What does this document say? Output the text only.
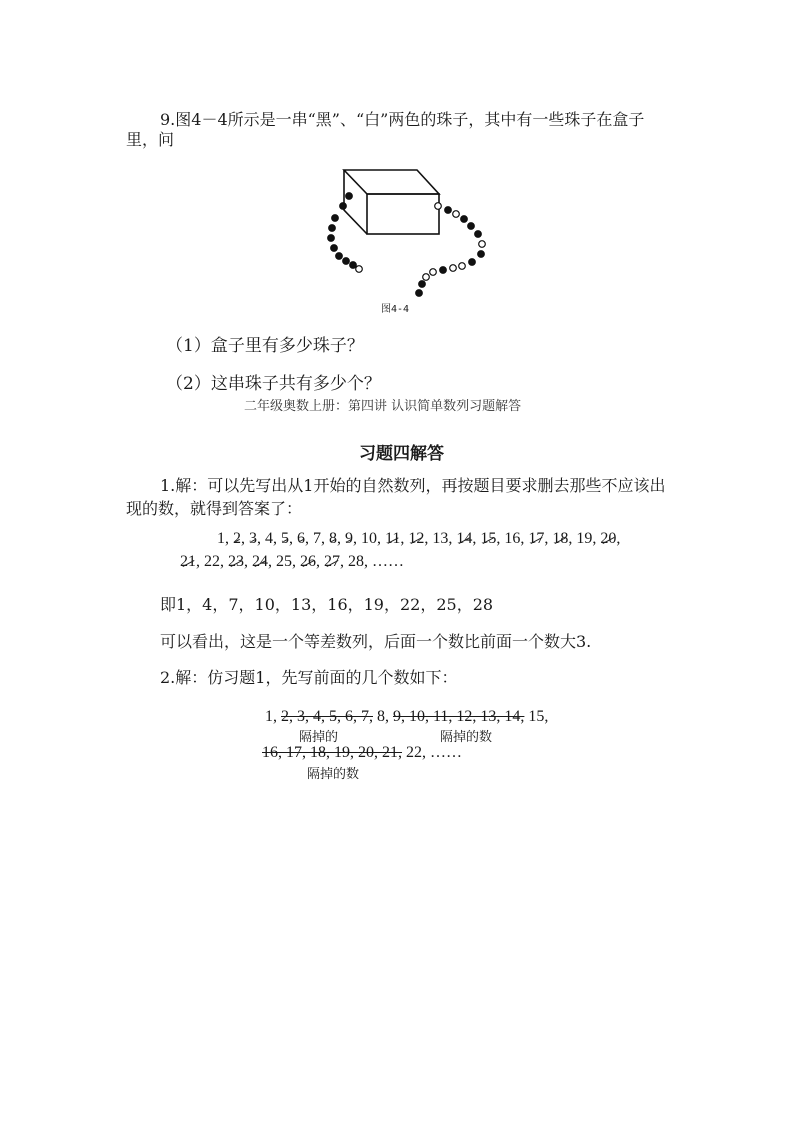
9.图4－4所示是一串“黑”、“白”两色的珠子，其中有一些珠子在盒子
里，问
图4-4
（1）盒子里有多少珠子？
（2）这串珠子共有多少个？
二年级奥数上册：第四讲 认识简单数列习题解答
习题四解答
1.解：可以先写出从1开始的自然数列，再按题目要求删去那些不应该出
现的数，就得到答案了：
1, 2, 3, 4, 5, 6, 7, 8, 9, 10, 11, 12, 13, 14, 15, 16, 17, 18, 19, 20,
21, 22, 23, 24, 25, 26, 27, 28, ……
即1，4，7，10，13，16，19，22，25，28
可以看出，这是一个等差数列，后面一个数比前面一个数大3.
2.解：仿习题1，先写前面的几个数如下：
1, 2, 3, 4, 5, 6, 7, 8, 9, 10, 11, 12, 13, 14, 15,
隔掉的	隔掉的数
16, 17, 18, 19, 20, 21, 22, ……
隔掉的数
